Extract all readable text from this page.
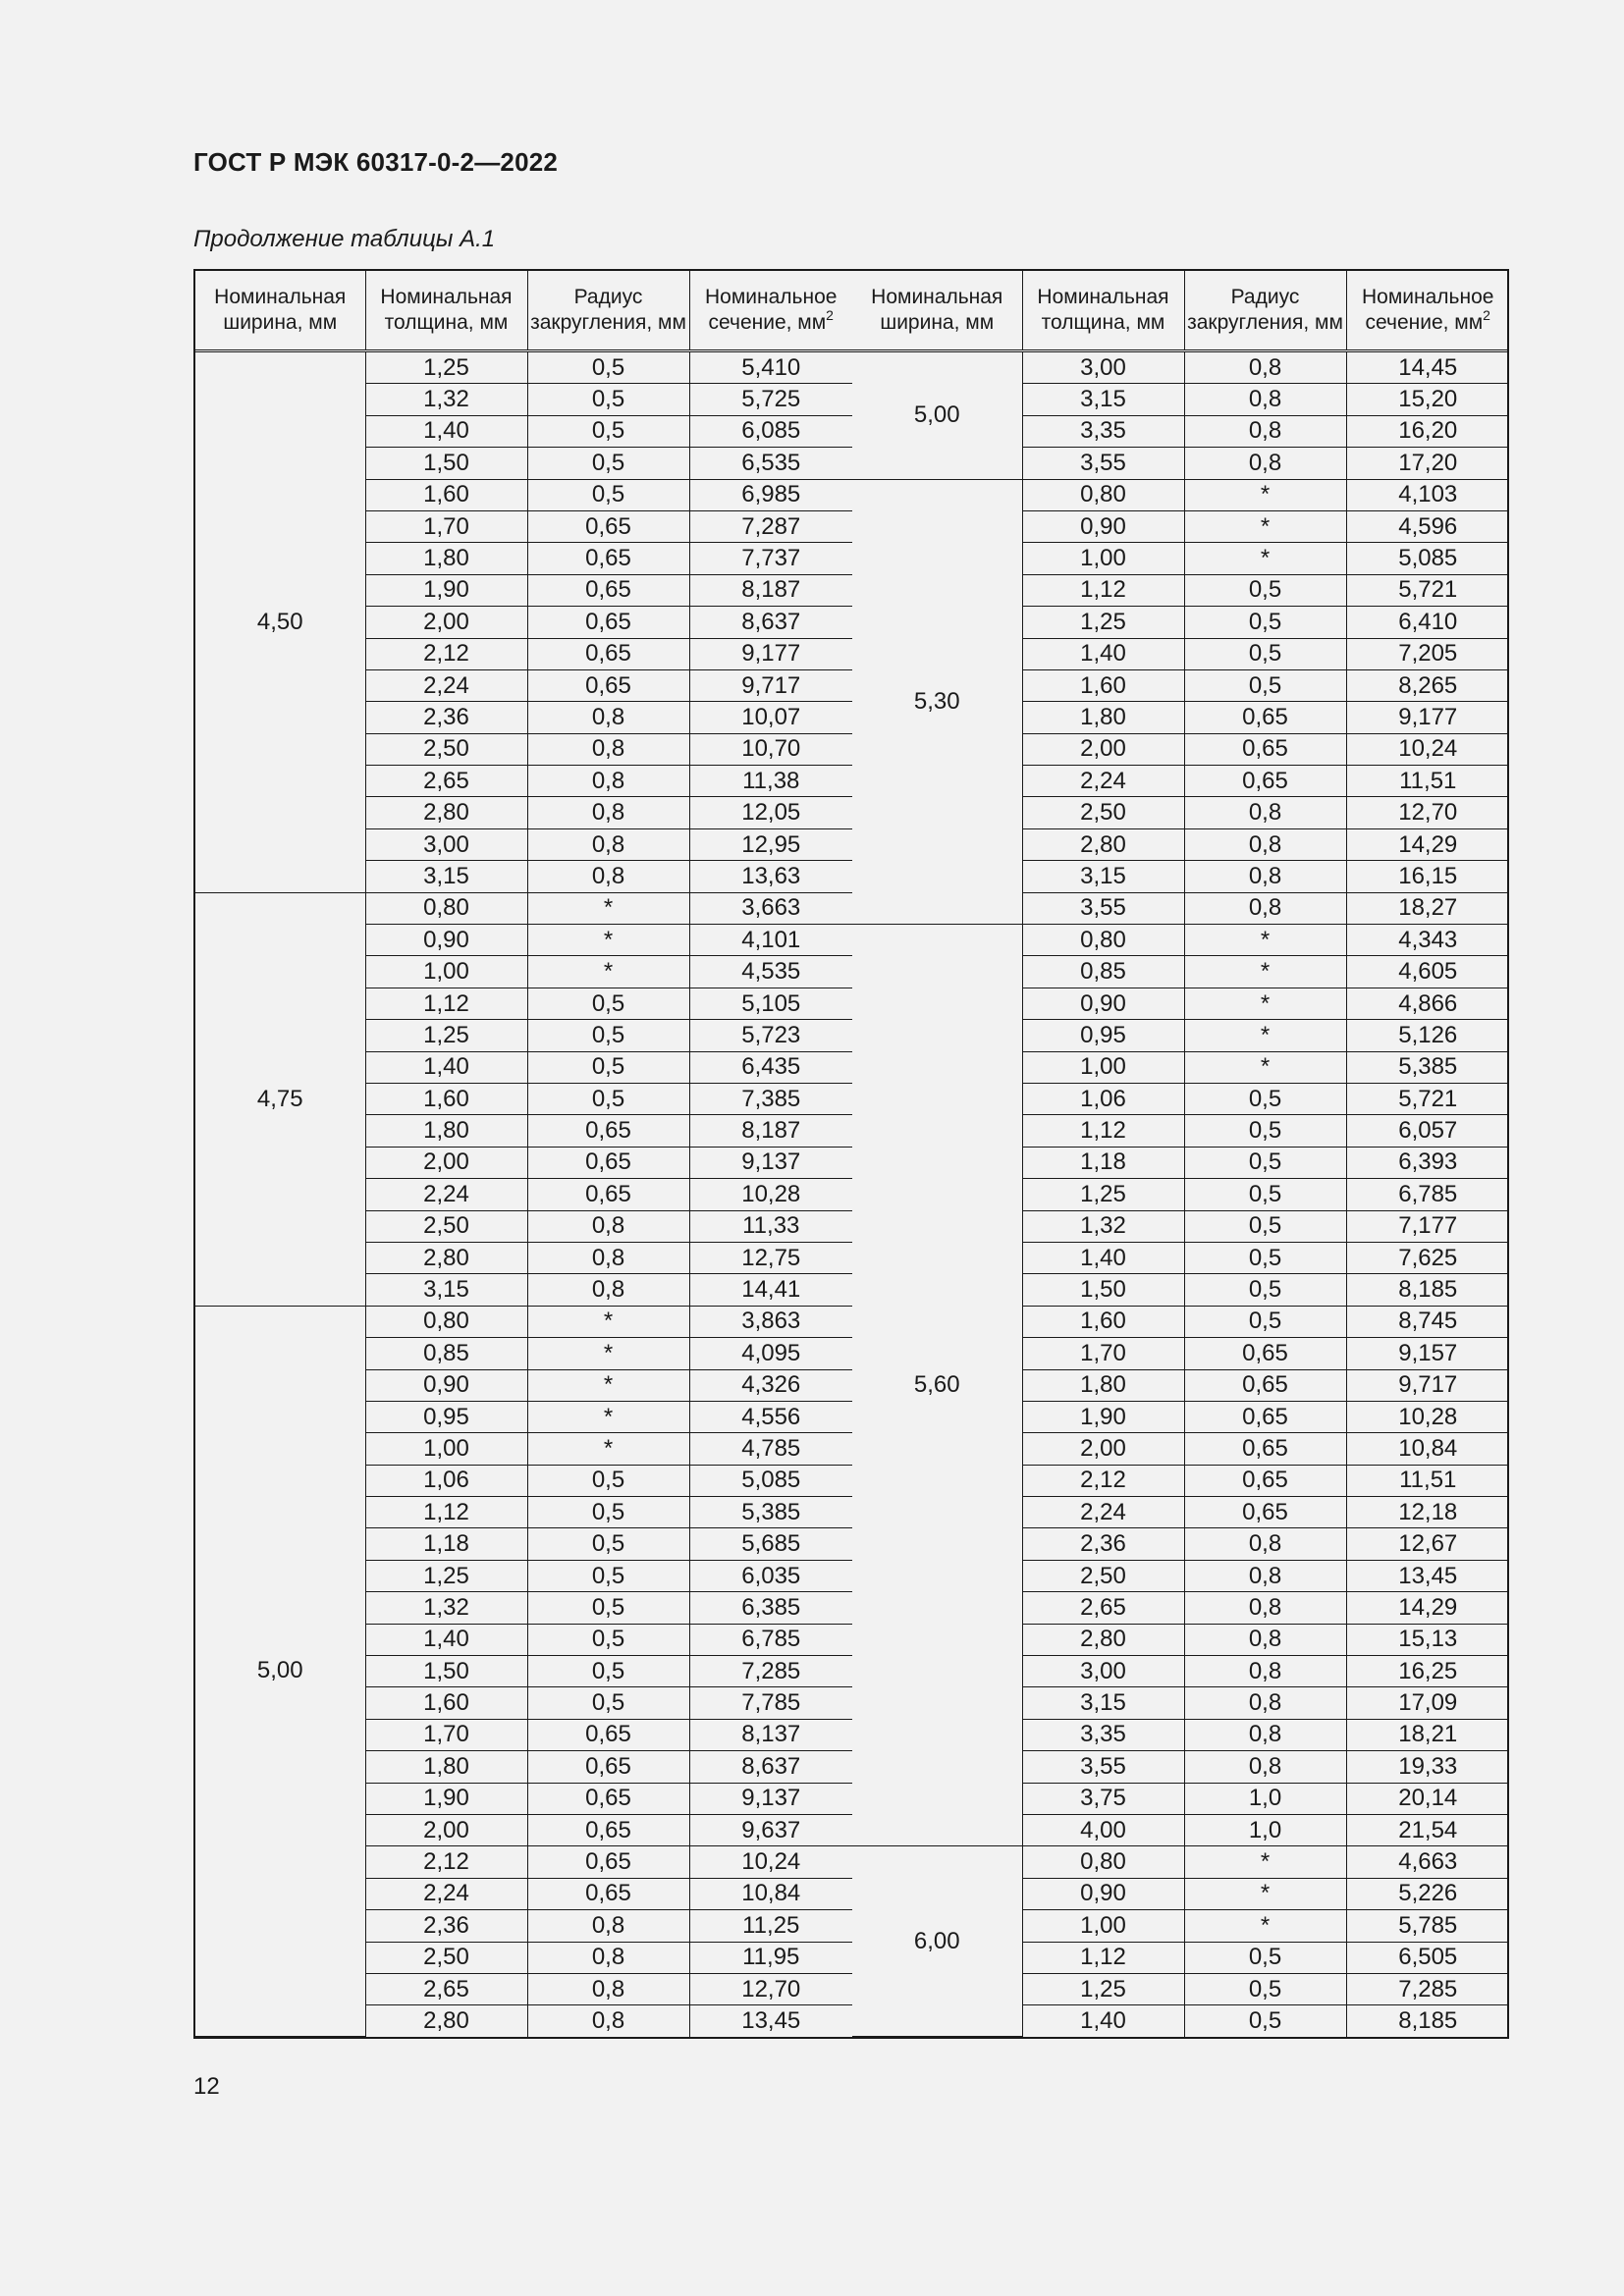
ГОСТ Р МЭК 60317-0-2—2022
Продолжение таблицы А.1
Номинальная ширина, мм	Номинальная толщина, мм	Радиус закругления, мм	Номинальное сечение, $мм^2$
4,50	1,25	0,5	5,410
	1,32	0,5	5,725
	1,40	0,5	6,085
	1,50	0,5	6,535
	1,60	0,5	6,985
	1,70	0,65	7,287
	1,80	0,65	7,737
	1,90	0,65	8,187
	2,00	0,65	8,637
	2,12	0,65	9,177
	2,24	0,65	9,717
	2,36	0,8	10,07
	2,50	0,8	10,70
	2,65	0,8	11,38
	2,80	0,8	12,05
	3,00	0,8	12,95
	3,15	0,8	13,63
4,75	0,80	*	3,663
	0,90	*	4,101
	1,00	*	4,535
	1,12	0,5	5,105
	1,25	0,5	5,723
	1,40	0,5	6,435
	1,60	0,5	7,385
	1,80	0,65	8,187
	2,00	0,65	9,137
	2,24	0,65	10,28
	2,50	0,8	11,33
	2,80	0,8	12,75
	3,15	0,8	14,41
5,00	0,80	*	3,863
	0,85	*	4,095
	0,90	*	4,326
	0,95	*	4,556
	1,00	*	4,785
	1,06	0,5	5,085
	1,12	0,5	5,385
	1,18	0,5	5,685
	1,25	0,5	6,035
	1,32	0,5	6,385
	1,40	0,5	6,785
	1,50	0,5	7,285
	1,60	0,5	7,785
	1,70	0,65	8,137
	1,80	0,65	8,637
	1,90	0,65	9,137
	2,00	0,65	9,637
	2,12	0,65	10,24
	2,24	0,65	10,84
	2,36	0,8	11,25
	2,50	0,8	11,95
	2,65	0,8	12,70
	2,80	0,8	13,45
Номинальная ширина, мм	Номинальная толщина, мм	Радиус закругления, мм	Номинальное сечение, $мм^2$
5,00	3,00	0,8	14,45
	3,15	0,8	15,20
	3,35	0,8	16,20
	3,55	0,8	17,20
5,30	0,80	*	4,103
	0,90	*	4,596
	1,00	*	5,085
	1,12	0,5	5,721
	1,25	0,5	6,410
	1,40	0,5	7,205
	1,60	0,5	8,265
	1,80	0,65	9,177
	2,00	0,65	10,24
	2,24	0,65	11,51
	2,50	0,8	12,70
	2,80	0,8	14,29
	3,15	0,8	16,15
	3,55	0,8	18,27
5,60	0,80	*	4,343
	0,85	*	4,605
	0,90	*	4,866
	0,95	*	5,126
	1,00	*	5,385
	1,06	0,5	5,721
	1,12	0,5	6,057
	1,18	0,5	6,393
	1,25	0,5	6,785
	1,32	0,5	7,177
	1,40	0,5	7,625
	1,50	0,5	8,185
	1,60	0,5	8,745
	1,70	0,65	9,157
	1,80	0,65	9,717
	1,90	0,65	10,28
	2,00	0,65	10,84
	2,12	0,65	11,51
	2,24	0,65	12,18
	2,36	0,8	12,67
	2,50	0,8	13,45
	2,65	0,8	14,29
	2,80	0,8	15,13
	3,00	0,8	16,25
	3,15	0,8	17,09
	3,35	0,8	18,21
	3,55	0,8	19,33
	3,75	1,0	20,14
	4,00	1,0	21,54
6,00	0,80	*	4,663
	0,90	*	5,226
	1,00	*	5,785
	1,12	0,5	6,505
	1,25	0,5	7,285
	1,40	0,5	8,185
12
